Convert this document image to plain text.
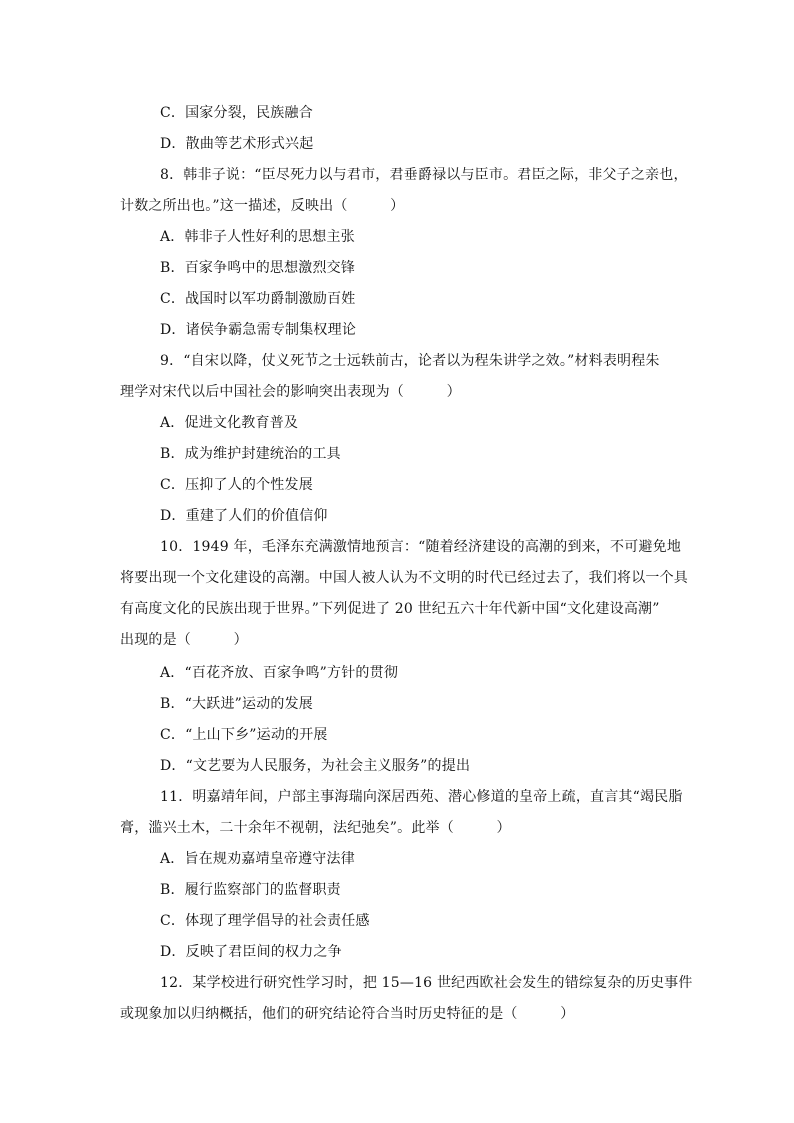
C．国家分裂，民族融合
D．散曲等艺术形式兴起
8．韩非子说：“臣尽死力以与君市，君垂爵禄以与臣市。君臣之际，非父子之亲也，
计数之所出也。”这一描述，反映出（　　　）
A．韩非子人性好利的思想主张
B．百家争鸣中的思想激烈交锋
C．战国时以军功爵制激励百姓
D．诸侯争霸急需专制集权理论
9．“自宋以降，仗义死节之士远轶前古，论者以为程朱讲学之效。”材料表明程朱
理学对宋代以后中国社会的影响突出表现为（　　　）
A．促进文化教育普及
B．成为维护封建统治的工具
C．压抑了人的个性发展
D．重建了人们的价值信仰
10．1949 年，毛泽东充满激情地预言：“随着经济建设的高潮的到来，不可避免地
将要出现一个文化建设的高潮。中国人被人认为不文明的时代已经过去了，我们将以一个具
有高度文化的民族出现于世界。”下列促进了 20 世纪五六十年代新中国“文化建设高潮”
出现的是（　　　）
A．“百花齐放、百家争鸣”方针的贯彻
B．“大跃进”运动的发展
C．“上山下乡”运动的开展
D．“文艺要为人民服务，为社会主义服务”的提出
11．明嘉靖年间，户部主事海瑞向深居西苑、潜心修道的皇帝上疏，直言其“竭民脂
膏，滥兴土木，二十余年不视朝，法纪弛矣”。此举（　　　）
A．旨在规劝嘉靖皇帝遵守法律
B．履行监察部门的监督职责
C．体现了理学倡导的社会责任感
D．反映了君臣间的权力之争
12．某学校进行研究性学习时，把 15—16 世纪西欧社会发生的错综复杂的历史事件
或现象加以归纳概括，他们的研究结论符合当时历史特征的是（　　　）
